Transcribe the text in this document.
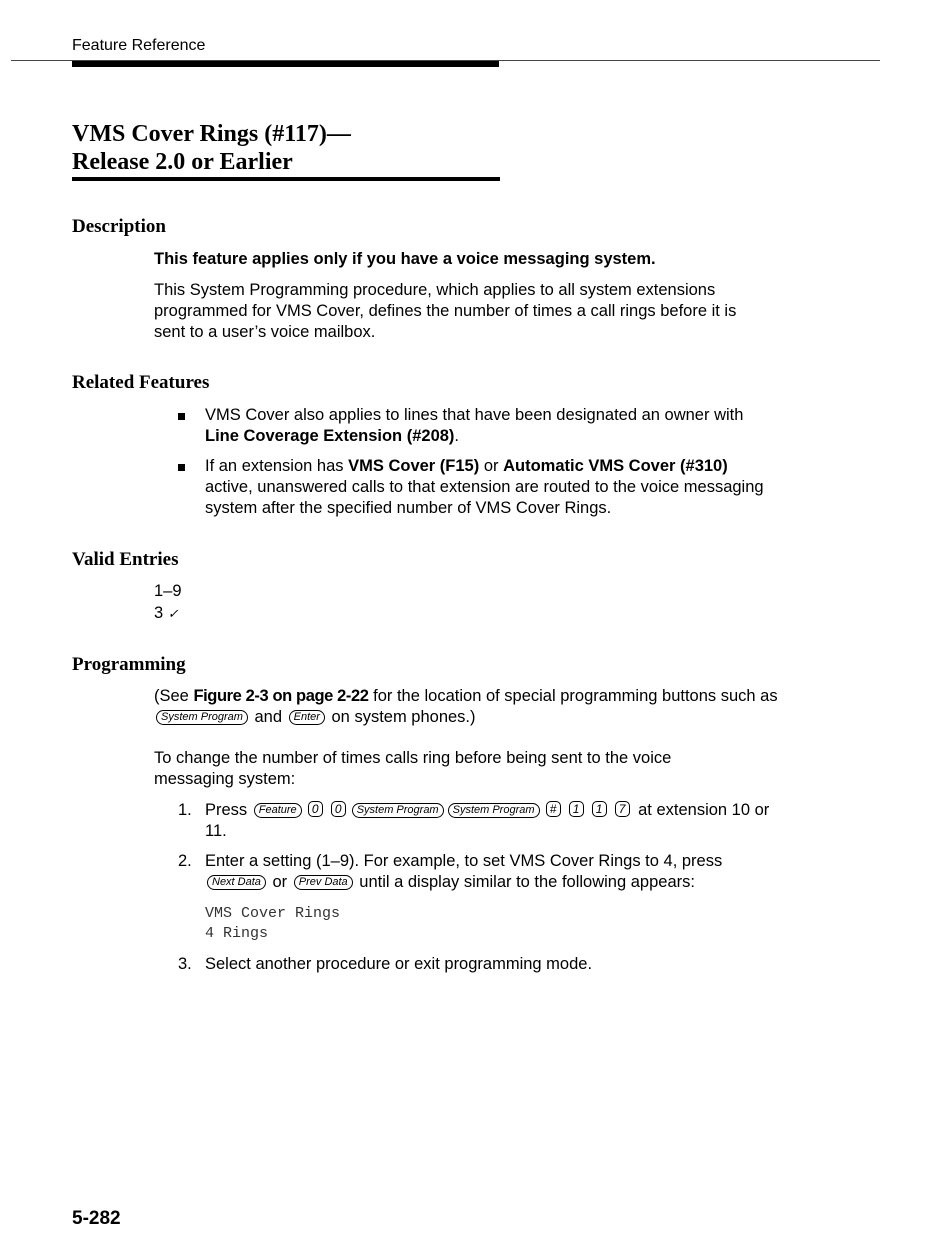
Feature Reference
VMS Cover Rings (#117)—
Release 2.0 or Earlier
Description
This feature applies only if you have a voice messaging system.
This System Programming procedure, which applies to all system extensions programmed for VMS Cover, defines the number of times a call rings before it is sent to a user’s voice mailbox.
Related Features
VMS Cover also applies to lines that have been designated an owner with Line Coverage Extension (#208).
If an extension has VMS Cover (F15) or Automatic VMS Cover (#310) active, unanswered calls to that extension are routed to the voice messaging system after the specified number of VMS Cover Rings.
Valid Entries
1–9
3 ✓
Programming
(See Figure 2-3 on page 2-22 for the location of special programming buttons such as System Program and Enter on system phones.)
To change the number of times calls ring before being sent to the voice messaging system:
1. Press Feature 0 0 System Program System Program # 1 1 7 at extension 10 or 11.
2. Enter a setting (1–9). For example, to set VMS Cover Rings to 4, press Next Data or Prev Data until a display similar to the following appears:
VMS Cover Rings
4 Rings
3. Select another procedure or exit programming mode.
5-282
